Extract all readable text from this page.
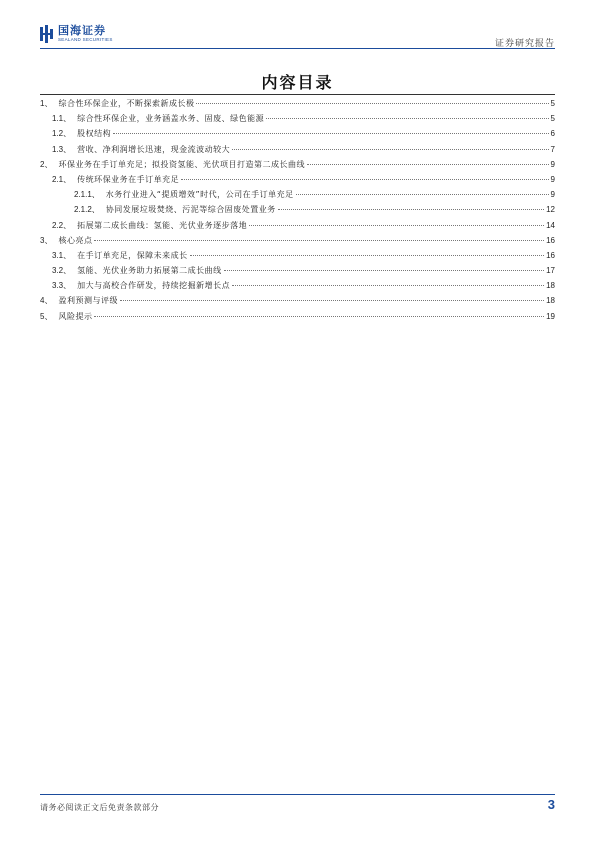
国海证券
SEALAND SECURITIES	证券研究报告
内容目录
1、 综合性环保企业，不断探索新成长极	5
1.1、 综合性环保企业，业务涵盖水务、固废、绿色能源	5
1.2、 股权结构	6
1.3、 营收、净利润增长迅速，现金流波动较大	7
2、 环保业务在手订单充足；拟投资氢能、光伏项目打造第二成长曲线	9
2.1、 传统环保业务在手订单充足	9
2.1.1、 水务行业进入“提质增效”时代，公司在手订单充足	9
2.1.2、 协同发展垃圾焚烧、污泥等综合固废处置业务	12
2.2、 拓展第二成长曲线：氢能、光伏业务逐步落地	14
3、 核心亮点	16
3.1、 在手订单充足，保障未来成长	16
3.2、 氢能、光伏业务助力拓展第二成长曲线	17
3.3、 加大与高校合作研发，持续挖掘新增长点	18
4、 盈利预测与评级	18
5、 风险提示	19
请务必阅读正文后免责条款部分	3
